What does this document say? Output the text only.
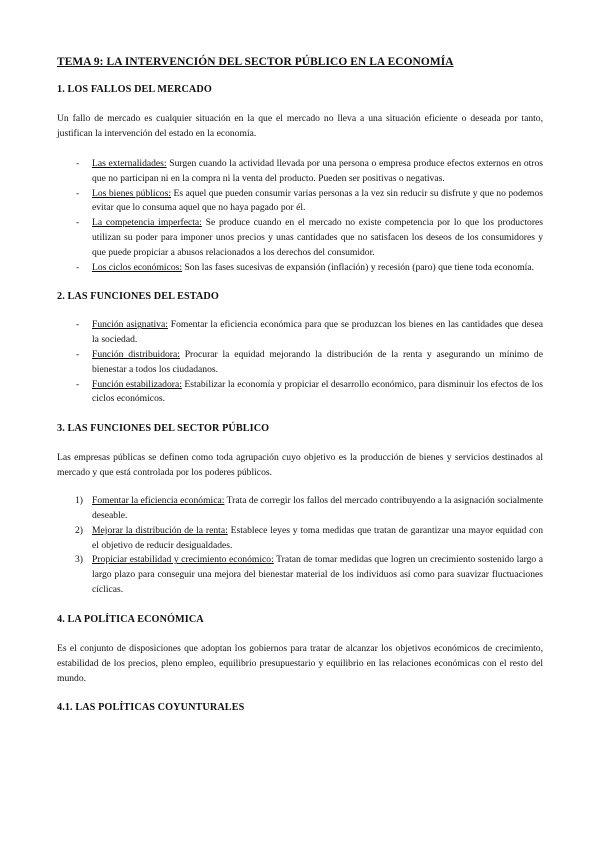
TEMA 9: LA INTERVENCIÓN DEL SECTOR PÚBLICO EN LA ECONOMÍA
1. LOS FALLOS DEL MERCADO

Un fallo de mercado es cualquier situación en la que el mercado no lleva a una situación eficiente o deseada por tanto, justifican la intervención del estado en la economía.

- Las externalidades: Surgen cuando la actividad llevada por una persona o empresa produce efectos externos en otros que no participan ni en la compra ni la venta del producto. Pueden ser positivas o negativas.
- Los bienes públicos: Es aquel que pueden consumir varias personas a la vez sin reducir su disfrute y que no podemos evitar que lo consuma aquel que no haya pagado por él.
- La competencia imperfecta: Se produce cuando en el mercado no existe competencia por lo que los productores utilizan su poder para imponer unos precios y unas cantidades que no satisfacen los deseos de los consumidores y que puede propiciar a abusos relacionados a los derechos del consumidor.
- Los ciclos económicos: Son las fases sucesivas de expansión (inflación) y recesión (paro) que tiene toda economía.
2. LAS FUNCIONES DEL ESTADO
- Función asignativa: Fomentar la eficiencia económica para que se produzcan los bienes en las cantidades que desea la sociedad.
- Función distribuidora: Procurar la equidad mejorando la distribución de la renta y asegurando un mínimo de bienestar a todos los ciudadanos.
- Función estabilizadora: Estabilizar la economía y propiciar el desarrollo económico, para disminuir los efectos de los ciclos económicos.
3. LAS FUNCIONES DEL SECTOR PÚBLICO

Las empresas públicas se definen como toda agrupación cuyo objetivo es la producción de bienes y servicios destinados al mercado y que está controlada por los poderes públicos.

1) Fomentar la eficiencia económica: Trata de corregir los fallos del mercado contribuyendo a la asignación socialmente deseable.
2) Mejorar la distribución de la renta: Establece leyes y toma medidas que tratan de garantizar una mayor equidad con el objetivo de reducir desigualdades.
3) Propiciar estabilidad y crecimiento económico: Tratan de tomar medidas que logren un crecimiento sostenido largo a largo plazo para conseguir una mejora del bienestar material de los individuos así como para suavizar fluctuaciones cíclicas.
4. LA POLÍTICA ECONÓMICA

Es el conjunto de disposiciones que adoptan los gobiernos para tratar de alcanzar los objetivos económicos de crecimiento, estabilidad de los precios, pleno empleo, equilibrio presupuestario y equilibrio en las relaciones económicas con el resto del mundo.

4.1. LAS POLÍTICAS COYUNTURALES
